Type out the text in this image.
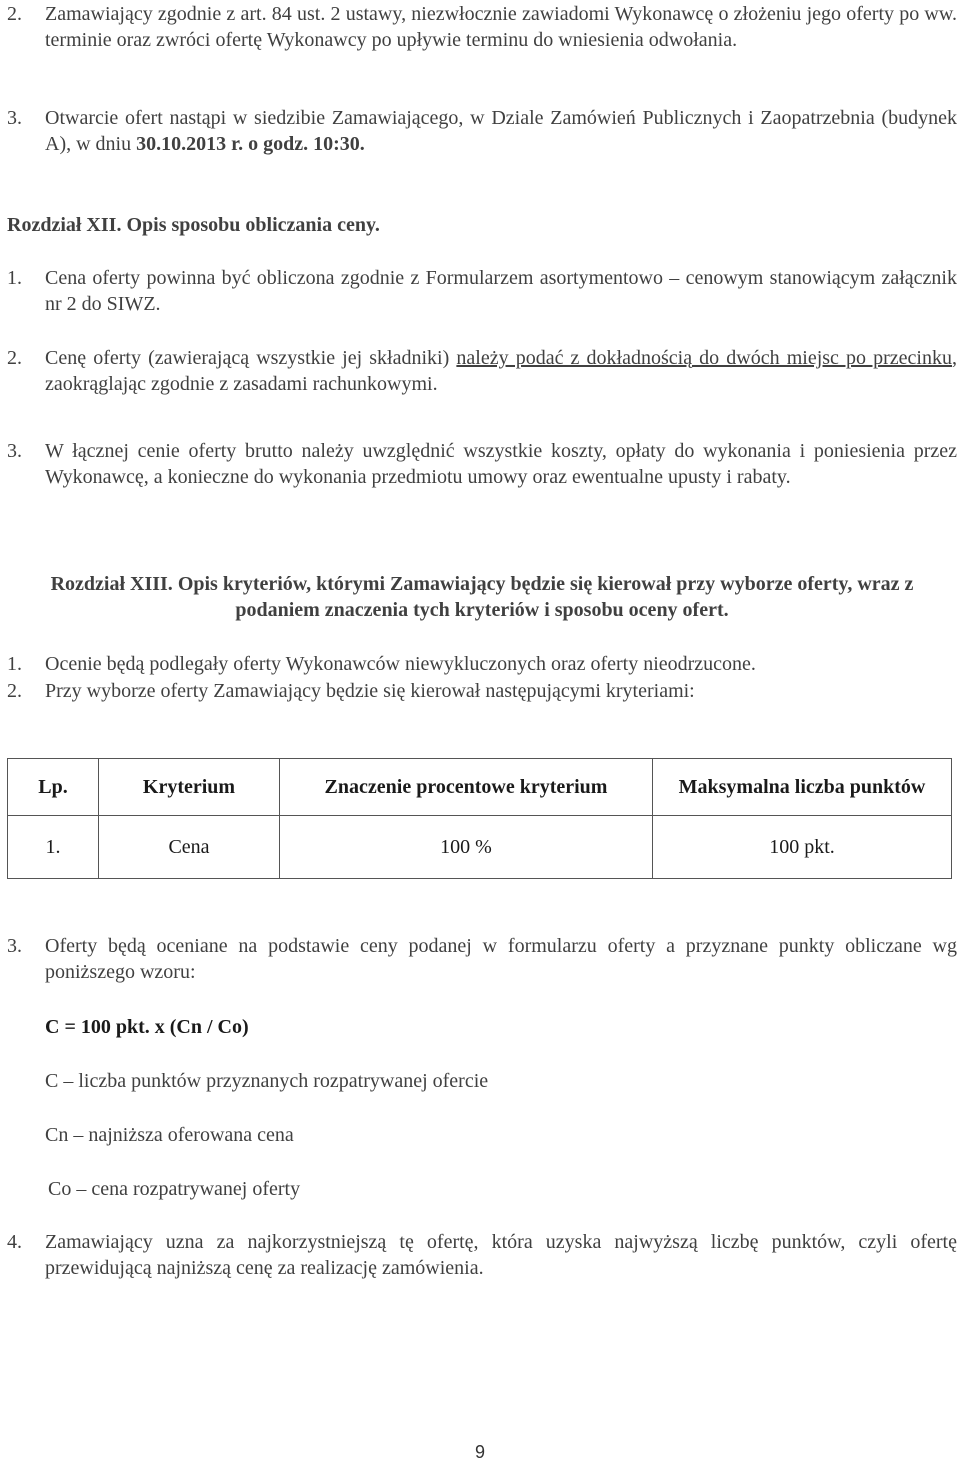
2.	Zamawiający zgodnie z art. 84 ust. 2 ustawy, niezwłocznie zawiadomi Wykonawcę o złożeniu jego oferty po ww. terminie oraz zwróci ofertę Wykonawcy po upływie terminu do wniesienia odwołania.
3.	Otwarcie ofert nastąpi w siedzibie Zamawiającego, w Dziale Zamówień Publicznych i Zaopatrzebnia (budynek A), w dniu 30.10.2013 r. o godz. 10:30.
Rozdział XII. Opis sposobu obliczania ceny.
1.	Cena oferty powinna być obliczona zgodnie z Formularzem asortymentowo – cenowym stanowiącym załącznik nr 2 do SIWZ.
2.	Cenę oferty (zawierającą wszystkie jej składniki) należy podać z dokładnością do dwóch miejsc po przecinku, zaokrąglając zgodnie z zasadami rachunkowymi.
3.	W łącznej cenie oferty brutto należy uwzględnić wszystkie koszty, opłaty do wykonania i poniesienia przez Wykonawcę, a konieczne do wykonania przedmiotu umowy oraz ewentualne upusty i rabaty.
Rozdział XIII. Opis kryteriów, którymi Zamawiający będzie się kierował przy wyborze oferty, wraz z podaniem znaczenia tych kryteriów i sposobu oceny ofert.
1.	Ocenie będą podlegały oferty Wykonawców niewykluczonych oraz oferty nieodrzucone.
2.	Przy wyborze oferty Zamawiający będzie się kierował następującymi kryteriami:
Lp.	Kryterium	Znaczenie procentowe kryterium	Maksymalna liczba punktów
1.	Cena	100 %	100 pkt.
3.	Oferty będą oceniane na podstawie ceny podanej w formularzu oferty a przyznane punkty obliczane wg poniższego wzoru:
C = 100 pkt. x (Cn / Co)
C – liczba punktów przyznanych rozpatrywanej ofercie
Cn – najniższa oferowana cena
Co – cena rozpatrywanej oferty
4.	Zamawiający uzna za najkorzystniejszą tę ofertę, która uzyska najwyższą liczbę punktów, czyli ofertę przewidującą najniższą cenę za realizację zamówienia.
9
